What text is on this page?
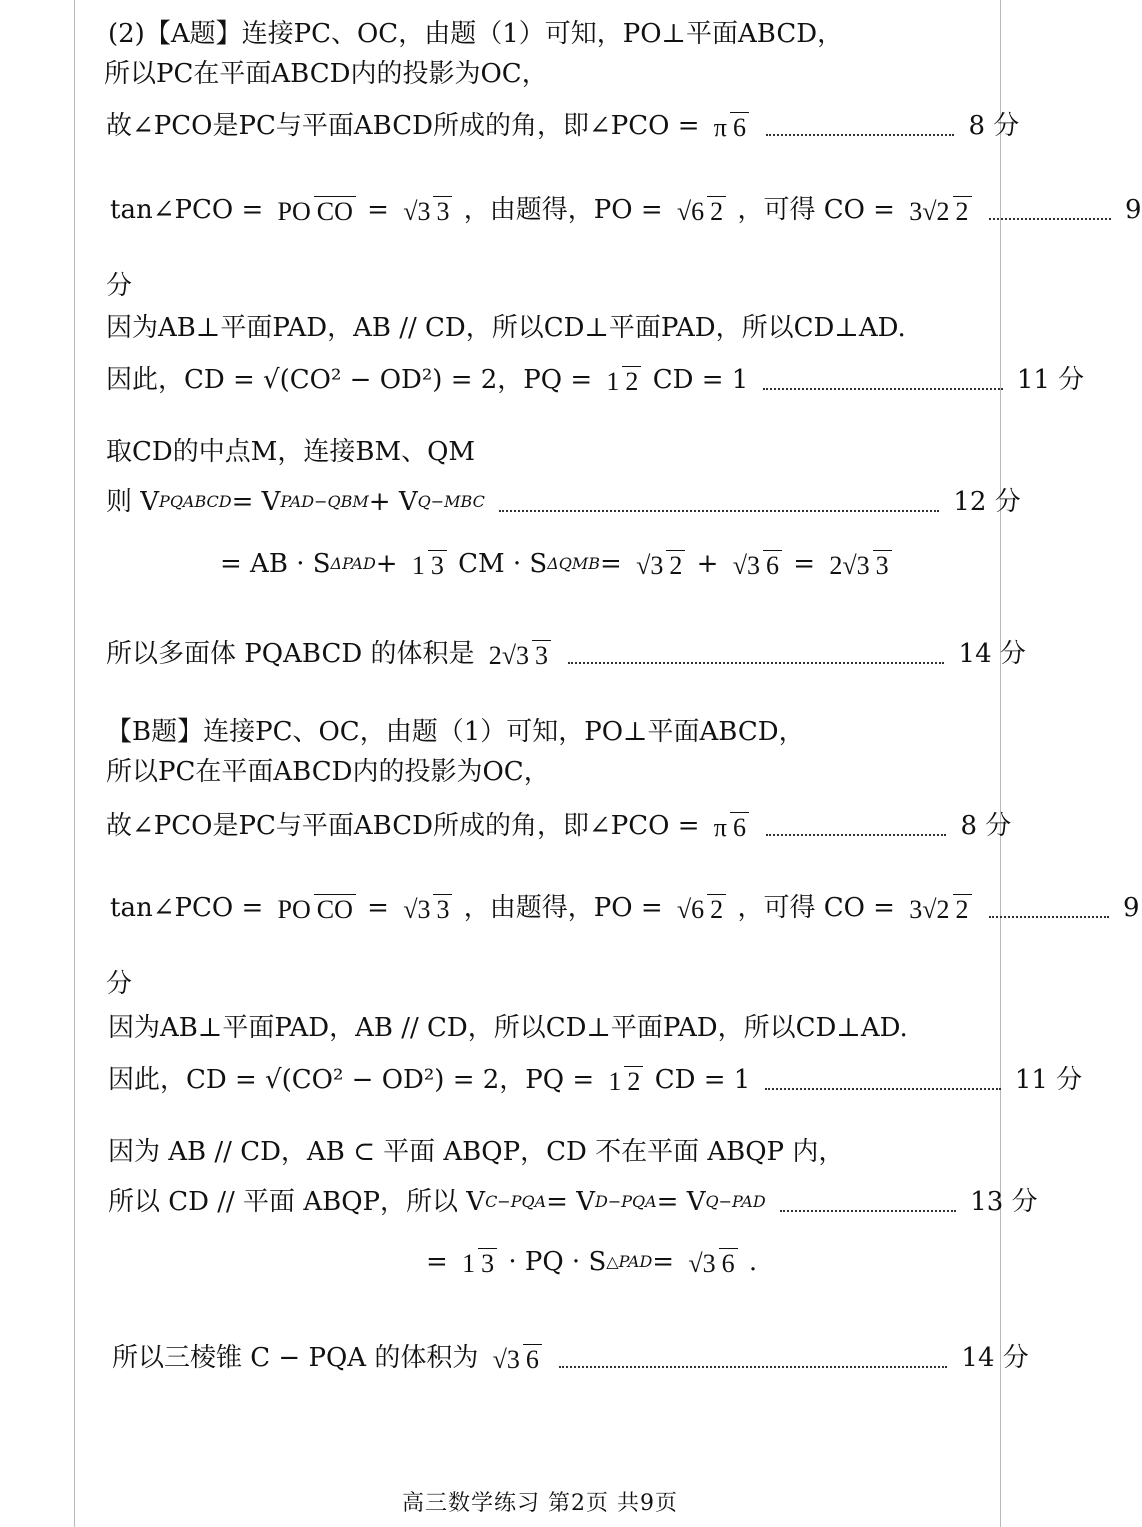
(2)【A题】连接PC、OC，由题（1）可知，PO⊥平面ABCD，
所以PC在平面ABCD内的投影为OC，
故∠PCO是PC与平面ABCD所成的角，即∠PCO = π 6	8 分
tan∠PCO = PO CO = √3 3 ，由题得，PO = √6 2 ，可得 CO = 3√2 2	9
分
因为AB⊥平面PAD，AB // CD，所以CD⊥平面PAD，所以CD⊥AD.
因此，CD = √(CO² − OD²) = 2，PQ = 1 2 CD = 1	11 分
取CD的中点M，连接BM、QM
则 VPQABCD= VPAD−QBM+ VQ−MBC	12 分
= AB · SΔPAD+ 1 3 CM · SΔQMB= √3 2 + √3 6 = 2√3 3
所以多面体 PQABCD 的体积是 2√3 3	14 分
【B题】连接PC、OC，由题（1）可知，PO⊥平面ABCD，
所以PC在平面ABCD内的投影为OC，
故∠PCO是PC与平面ABCD所成的角，即∠PCO = π 6	8 分
tan∠PCO = PO CO = √3 3 ，由题得，PO = √6 2 ，可得 CO = 3√2 2	9
分
因为AB⊥平面PAD，AB // CD，所以CD⊥平面PAD，所以CD⊥AD.
因此，CD = √(CO² − OD²) = 2，PQ = 1 2 CD = 1	11 分
因为 AB // CD，AB ⊂ 平面 ABQP，CD 不在平面 ABQP 内，
所以 CD // 平面 ABQP，所以 VC−PQA= VD−PQA= VQ−PAD	13 分
= 1 3 · PQ · S△PAD= √3 6 .
所以三棱锥 C − PQA 的体积为 √3 6	14 分
高三数学练习 第2页 共9页
